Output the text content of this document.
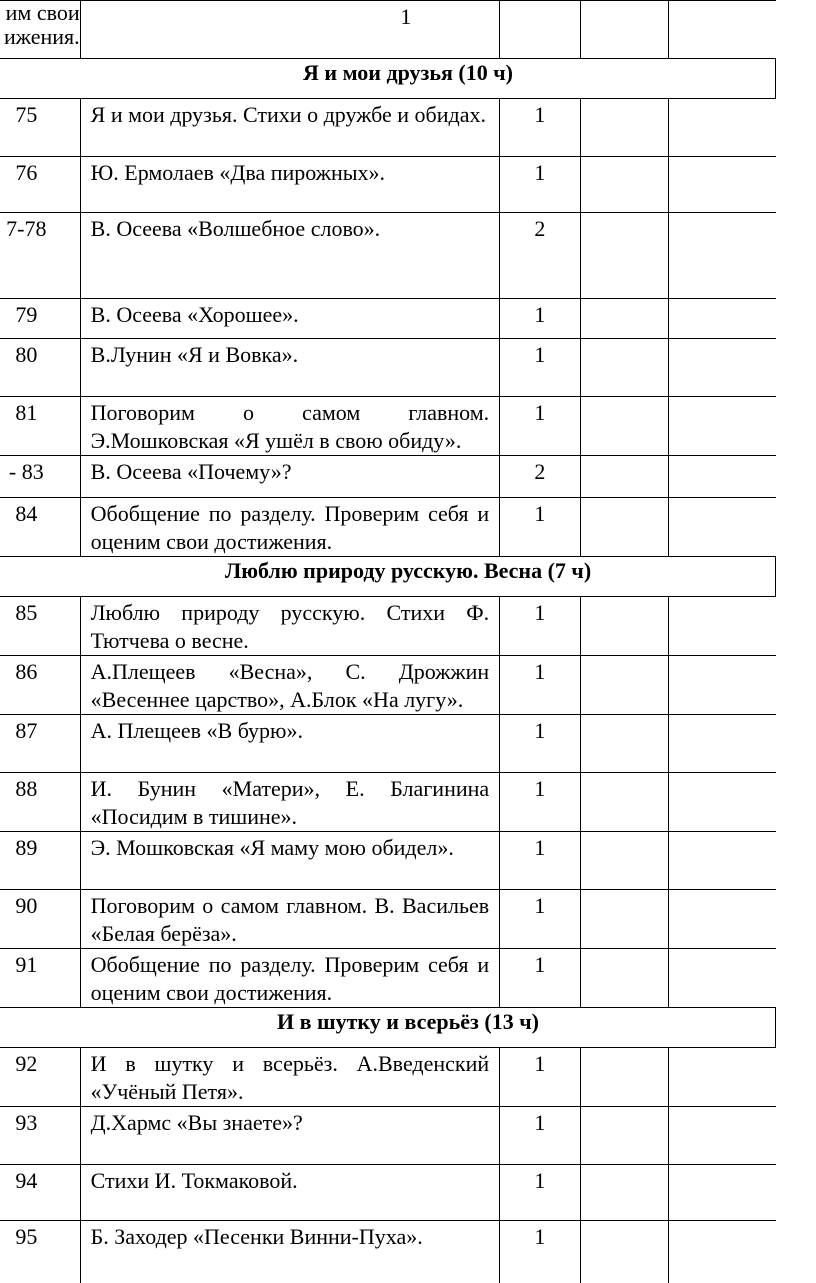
им свои
ижения.	1			
Я и мои друзья (10 ч)				
75	Я и мои друзья. Стихи о дружбе и обидах.	1		
76	Ю. Ермолаев «Два пирожных».	1		
7-78	В. Осеева «Волшебное слово».	2		
79	В. Осеева «Хорошее».	1		
80	В.Лунин «Я и Вовка».	1		
81	Поговорим о самом главном. Э.Мошковская «Я ушёл в свою обиду».	1		
- 83	В. Осеева «Почему»?	2		
84	Обобщение по разделу. Проверим себя и оценим свои достижения.	1		
Люблю природу русскую. Весна (7 ч)				
85	Люблю природу русскую. Стихи Ф. Тютчева о весне.	1		
86	А.Плещеев «Весна», С. Дрожжин «Весеннее царство», А.Блок «На лугу».	1		
87	А. Плещеев «В бурю».	1		
88	И. Бунин «Матери», Е. Благинина «Посидим в тишине».	1		
89	Э. Мошковская «Я маму мою обидел».	1		
90	Поговорим о самом главном. В. Васильев «Белая берёза».	1		
91	Обобщение по разделу. Проверим себя и оценим свои достижения.	1		
И в шутку и всерьёз (13 ч)				
92	И в шутку и всерьёз. А.Введенский «Учёный Петя».	1		
93	Д.Хармс «Вы знаете»?	1		
94	Стихи И. Токмаковой.	1		
95	Б. Заходер «Песенки Винни-Пуха».	1		
